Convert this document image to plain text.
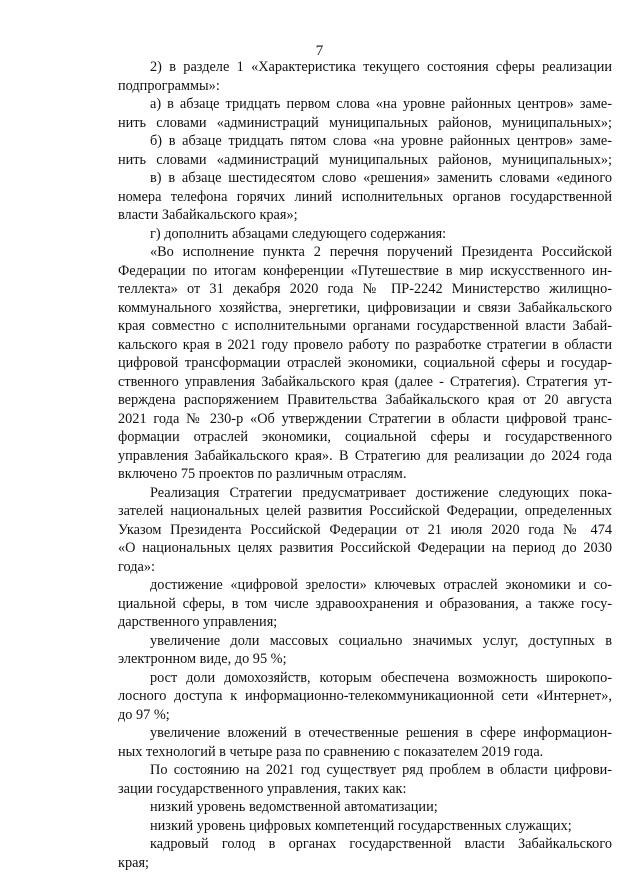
7
2) в разделе 1 «Характеристика текущего состояния сферы реализации
подпрограммы»:
а) в абзаце тридцать первом слова «на уровне районных центров» заме-
нить словами «администраций муниципальных районов, муниципальных»;
б) в абзаце тридцать пятом слова «на уровне районных центров» заме-
нить словами «администраций муниципальных районов, муниципальных»;
в) в абзаце шестидесятом слово «решения» заменить словами «единого
номера телефона горячих линий исполнительных органов государственной
власти Забайкальского края»;
г) дополнить абзацами следующего содержания:
«Во исполнение пункта 2 перечня поручений Президента Российской
Федерации по итогам конференции «Путешествие в мир искусственного ин-
теллекта» от 31 декабря 2020 года № ПР-2242 Министерство жилищно-
коммунального хозяйства, энергетики, цифровизации и связи Забайкальского
края совместно с исполнительными органами государственной власти Забай-
кальского края в 2021 году провело работу по разработке стратегии в области
цифровой трансформации отраслей экономики, социальной сферы и государ-
ственного управления Забайкальского края (далее - Стратегия). Стратегия ут-
верждена распоряжением Правительства Забайкальского края от 20 августа
2021 года № 230-р «Об утверждении Стратегии в области цифровой транс-
формации отраслей экономики, социальной сферы и государственного
управления Забайкальского края». В Стратегию для реализации до 2024 года
включено 75 проектов по различным отраслям.
Реализация Стратегии предусматривает достижение следующих пока-
зателей национальных целей развития Российской Федерации, определенных
Указом Президента Российской Федерации от 21 июля 2020 года № 474
«О национальных целях развития Российской Федерации на период до 2030
года»:
достижение «цифровой зрелости» ключевых отраслей экономики и со-
циальной сферы, в том числе здравоохранения и образования, а также госу-
дарственного управления;
увеличение доли массовых социально значимых услуг, доступных в
электронном виде, до 95 %;
рост доли домохозяйств, которым обеспечена возможность широкопо-
лосного доступа к информационно-телекоммуникационной сети «Интернет»,
до 97 %;
увеличение вложений в отечественные решения в сфере информацион-
ных технологий в четыре раза по сравнению с показателем 2019 года.
По состоянию на 2021 год существует ряд проблем в области цифрови-
зации государственного управления, таких как:
низкий уровень ведомственной автоматизации;
низкий уровень цифровых компетенций государственных служащих;
кадровый голод в органах государственной власти Забайкальского
края;
